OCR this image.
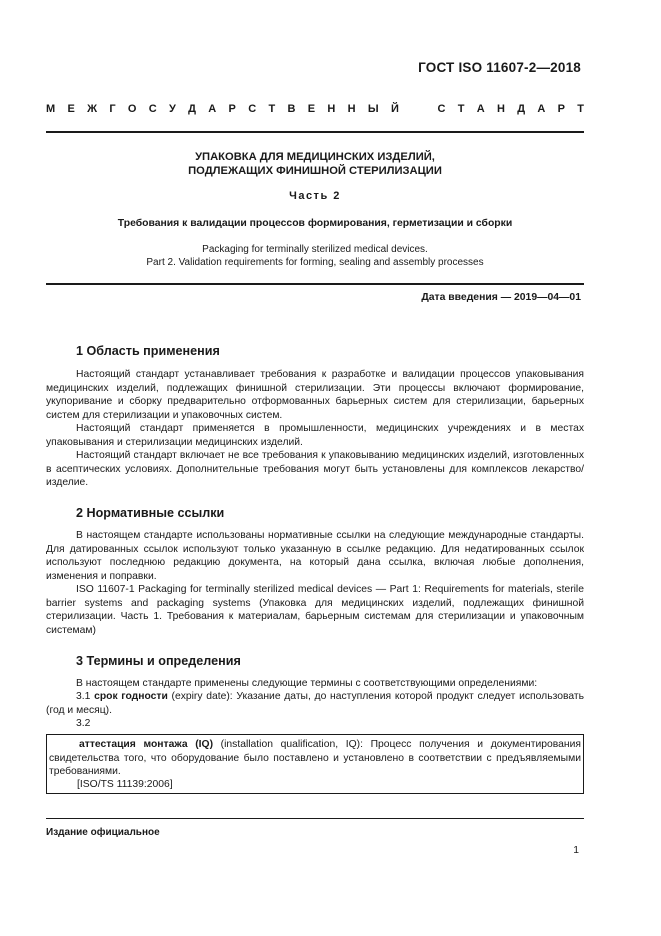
ГОСТ ISO 11607-2—2018
М Е Ж Г О С У Д А Р С Т В Е Н Н Ы Й
	С Т А Н Д А Р Т
УПАКОВКА ДЛЯ МЕДИЦИНСКИХ ИЗДЕЛИЙ,
ПОДЛЕЖАЩИХ ФИНИШНОЙ СТЕРИЛИЗАЦИИ
Часть 2
Требования к валидации процессов формирования, герметизации и сборки
Packaging for terminally sterilized medical devices.
Part 2. Validation requirements for forming, sealing and assembly processes
Дата введения — 2019—04—01
1 Область применения

Настоящий стандарт устанавливает требования к разработке и валидации процессов упаковывания медицинских изделий, подлежащих финишной стерилизации. Эти процессы включают формирование, укупоривание и сборку предварительно отформованных барьерных систем для стерилизации, барьерных систем для стерилизации и упаковочных систем.

Настоящий стандарт применяется в промышленности, медицинских учреждениях и в местах упаковывания и стерилизации медицинских изделий.

Настоящий стандарт включает не все требования к упаковыванию медицинских изделий, изготовленных в асептических условиях. Дополнительные требования могут быть установлены для комплексов лекарство/изделие.

2 Нормативные ссылки

В настоящем стандарте использованы нормативные ссылки на следующие международные стандарты. Для датированных ссылок используют только указанную в ссылке редакцию. Для недатированных ссылок используют последнюю редакцию документа, на который дана ссылка, включая любые дополнения, изменения и поправки.

ISO 11607-1 Packaging for terminally sterilized medical devices — Part 1: Requirements for materials, sterile barrier systems and packaging systems (Упаковка для медицинских изделий, подлежащих финишной стерилизации. Часть 1. Требования к материалам, барьерным системам для стерилизации и упаковочным системам)

3 Термины и определения

В настоящем стандарте применены следующие термины с соответствующими определениями:

3.1 срок годности (expiry date): Указание даты, до наступления которой продукт следует использовать (год и месяц).

3.2

аттестация монтажа (IQ) (installation qualification, IQ): Процесс получения и документирования свидетельства того, что оборудование было поставлено и установлено в соответствии с предъявляемыми требованиями.

[ISO/TS 11139:2006]
Издание официальное
1
